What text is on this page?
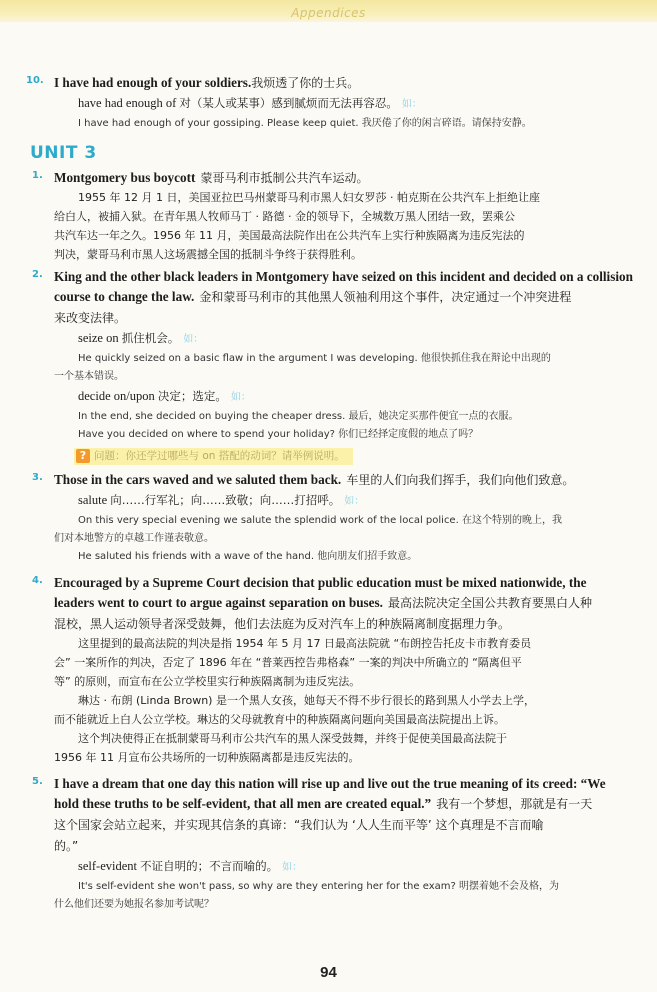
Appendices
10. I have had enough of your soldiers.我烦透了你的士兵。

have had enough of 对（某人或某事）感到腻烦而无法再容忍。 如：

I have had enough of your gossiping. Please keep quiet. 我厌倦了你的闲言碎语。请保持安静。

UNIT 3
1. Montgomery bus boycott 蒙哥马利市抵制公共汽车运动。

1955 年 12 月 1 日，美国亚拉巴马州蒙哥马利市黑人妇女罗莎 · 帕克斯在公共汽车上拒绝让座

给白人，被捕入狱。在青年黑人牧师马丁 · 路德 · 金的领导下，全城数万黑人团结一致，罢乘公

共汽车达一年之久。1956 年 11 月，美国最高法院作出在公共汽车上实行种族隔离为违反宪法的

判决，蒙哥马利市黑人这场震撼全国的抵制斗争终于获得胜利。

2. King and the other black leaders in Montgomery have seized on this incident and decided on a collision

course to change the law. 金和蒙哥马利市的其他黑人领袖利用这个事件，决定通过一个冲突进程

来改变法律。

seize on 抓住机会。 如：

He quickly seized on a basic flaw in the argument I was developing. 他很快抓住我在辩论中出现的

一个基本错误。

decide on/upon 决定；选定。 如：

In the end, she decided on buying the cheaper dress. 最后，她决定买那件便宜一点的衣服。

Have you decided on where to spend your holiday? 你们已经择定度假的地点了吗？

? 问题：你还学过哪些与 on 搭配的动词？请举例说明。
3. Those in the cars waved and we saluted them back. 车里的人们向我们挥手，我们向他们致意。

salute 向……行军礼；向……致敬；向……打招呼。 如：

On this very special evening we salute the splendid work of the local police. 在这个特别的晚上，我

们对本地警方的卓越工作谨表敬意。

He saluted his friends with a wave of the hand. 他向朋友们招手致意。

4. Encouraged by a Supreme Court decision that public education must be mixed nationwide, the

leaders went to court to argue against separation on buses. 最高法院决定全国公共教育要黑白人种

混校，黑人运动领导者深受鼓舞，他们去法庭为反对汽车上的种族隔离制度据理力争。

这里提到的最高法院的判决是指 1954 年 5 月 17 日最高法院就 “布朗控告托皮卡市教育委员

会” 一案所作的判决，否定了 1896 年在 “普莱西控告弗格森” 一案的判决中所确立的 “隔离但平

等” 的原则，而宣布在公立学校里实行种族隔离制为违反宪法。

琳达 · 布朗 (Linda Brown) 是一个黑人女孩，她每天不得不步行很长的路到黑人小学去上学，

而不能就近上白人公立学校。琳达的父母就教育中的种族隔离问题向美国最高法院提出上诉。

这个判决使得正在抵制蒙哥马利市公共汽车的黑人深受鼓舞，并终于促使美国最高法院于

1956 年 11 月宣布公共场所的一切种族隔离都是违反宪法的。

5. I have a dream that one day this nation will rise up and live out the true meaning of its creed: “We

hold these truths to be self-evident, that all men are created equal.” 我有一个梦想，那就是有一天

这个国家会站立起来，并实现其信条的真谛：“我们认为 ‘人人生而平等’ 这个真理是不言而喻

的。”

self-evident 不证自明的；不言而喻的。 如：

It's self-evident she won't pass, so why are they entering her for the exam? 明摆着她不会及格，为

什么他们还要为她报名参加考试呢？

94
